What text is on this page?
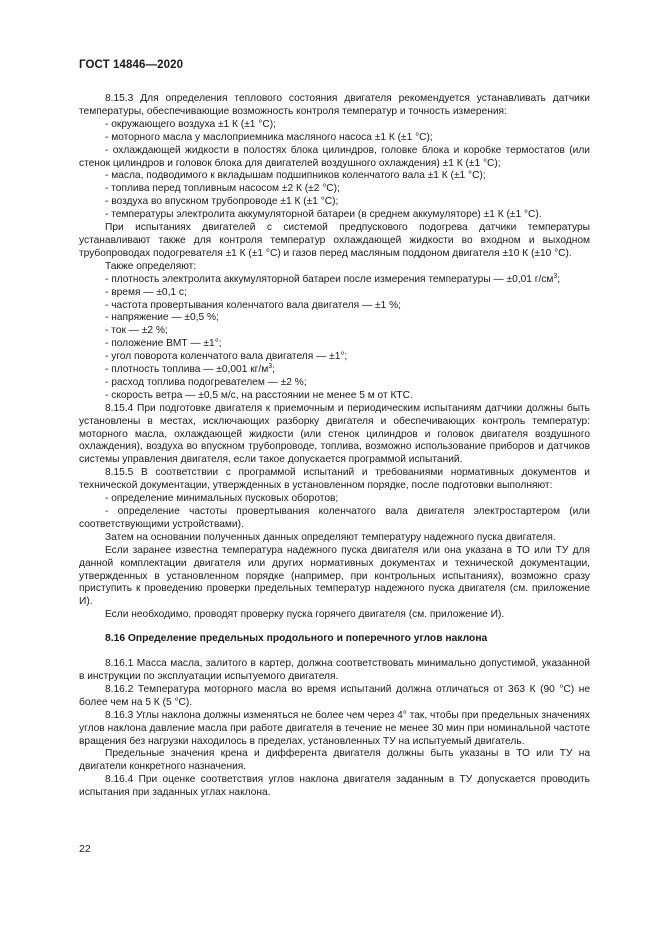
ГОСТ 14846—2020
8.15.3 Для определения теплового состояния двигателя рекомендуется устанавливать датчики температуры, обеспечивающие возможность контроля температур и точность измерения:
- окружающего воздуха ±1 К (±1 °С);
- моторного масла у маслоприемника масляного насоса ±1 К (±1 °С);
- охлаждающей жидкости в полостях блока цилиндров, головке блока и коробке термостатов (или стенок цилиндров и головок блока для двигателей воздушного охлаждения) ±1 К (±1 °С);
- масла, подводимого к вкладышам подшипников коленчатого вала ±1 К (±1 °С);
- топлива перед топливным насосом ±2 К (±2 °С);
- воздуха во впускном трубопроводе ±1 К (±1 °С);
- температуры электролита аккумуляторной батареи (в среднем аккумуляторе) ±1 К (±1 °С).
При испытаниях двигателей с системой предпускового подогрева датчики температуры устанавливают также для контроля температур охлаждающей жидкости во входном и выходном трубопроводах подогревателя ±1 К (±1 °С) и газов перед масляным поддоном двигателя ±10 К (±10 °С).
Также определяют:
- плотность электролита аккумуляторной батареи после измерения температуры — ±0,01 $г/см^3$;
- время — ±0,1 с;
- частота провертывания коленчатого вала двигателя — ±1 %;
- напряжение — ±0,5 %;
- ток — ±2 %;
- положение ВМТ — ±1°;
- угол поворота коленчатого вала двигателя — ±1°;
- плотность топлива — ±0,001 $кг/м^3$;
- расход топлива подогревателем — ±2 %;
- скорость ветра — ±0,5 м/с, на расстоянии не менее 5 м от КТС.
8.15.4 При подготовке двигателя к приемочным и периодическим испытаниям датчики должны быть установлены в местах, исключающих разборку двигателя и обеспечивающих контроль температур: моторного масла, охлаждающей жидкости (или стенок цилиндров и головок двигателя воздушного охлаждения), воздуха во впускном трубопроводе, топлива, возможно использование приборов и датчиков системы управления двигателя, если такое допускается программой испытаний.
8.15.5 В соответствии с программой испытаний и требованиями нормативных документов и технической документации, утвержденных в установленном порядке, после подготовки выполняют:
- определение минимальных пусковых оборотов;
- определение частоты провертывания коленчатого вала двигателя электростартером (или соответствующими устройствами).
Затем на основании полученных данных определяют температуру надежного пуска двигателя.
Если заранее известна температура надежного пуска двигателя или она указана в ТО или ТУ для данной комплектации двигателя или других нормативных документах и технической документации, утвержденных в установленном порядке (например, при контрольных испытаниях), возможно сразу приступить к проведению проверки предельных температур надежного пуска двигателя (см. приложение И).
Если необходимо, проводят проверку пуска горячего двигателя (см. приложение И).
8.16 Определение предельных продольного и поперечного углов наклона
8.16.1 Масса масла, залитого в картер, должна соответствовать минимально допустимой, указанной в инструкции по эксплуатации испытуемого двигателя.
8.16.2 Температура моторного масла во время испытаний должна отличаться от 363 К (90 °С) не более чем на 5 К (5 °С).
8.16.3 Углы наклона должны изменяться не более чем через 4° так, чтобы при предельных значениях углов наклона давление масла при работе двигателя в течение не менее 30 мин при номинальной частоте вращения без нагрузки находилось в пределах, установленных ТУ на испытуемый двигатель.
Предельные значения крена и дифферента двигателя должны быть указаны в ТО или ТУ на двигатели конкретного назначения.
8.16.4 При оценке соответствия углов наклона двигателя заданным в ТУ допускается проводить испытания при заданных углах наклона.
22
